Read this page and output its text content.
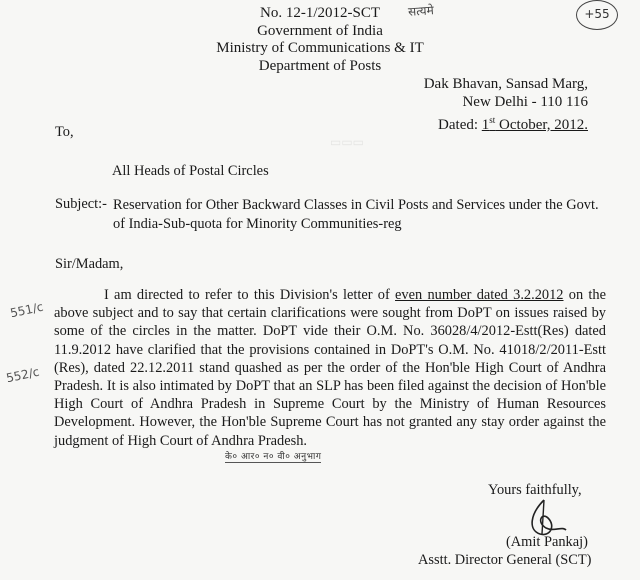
सत्यमे	+55
No. 12-1/2012-SCT
Government of India
Ministry of Communications & IT
Department of Posts
Dak Bhavan, Sansad Marg,
New Delhi - 110 116
Dated: 1st October, 2012.
▭▭▭
To,
All Heads of Postal Circles
Subject:- Reservation for Other Backward Classes in Civil Posts and Services under the Govt. of India-Sub-quota for Minority Communities-reg
Sir/Madam,
551/c
552/c

I am directed to refer to this Division's letter of even number dated 3.2.2012 on the above subject and to say that certain clarifications were sought from DoPT on issues raised by some of the circles in the matter. DoPT vide their O.M. No. 36028/4/2012-Estt(Res) dated 11.9.2012 have clarified that the provisions contained in DoPT's O.M. No. 41018/2/2011-Estt (Res), dated 22.12.2011 stand quashed as per the order of the Hon'ble High Court of Andhra Pradesh. It is also intimated by DoPT that an SLP has been filed against the decision of Hon'ble High Court of Andhra Pradesh in Supreme Court by the Ministry of Human Resources Development. However, the Hon'ble Supreme Court has not granted any stay order against the judgment of High Court of Andhra Pradesh.

के० आर० न० वी० अनुभाग
Yours faithfully,
(Amit Pankaj)
Asstt. Director General (SCT)
